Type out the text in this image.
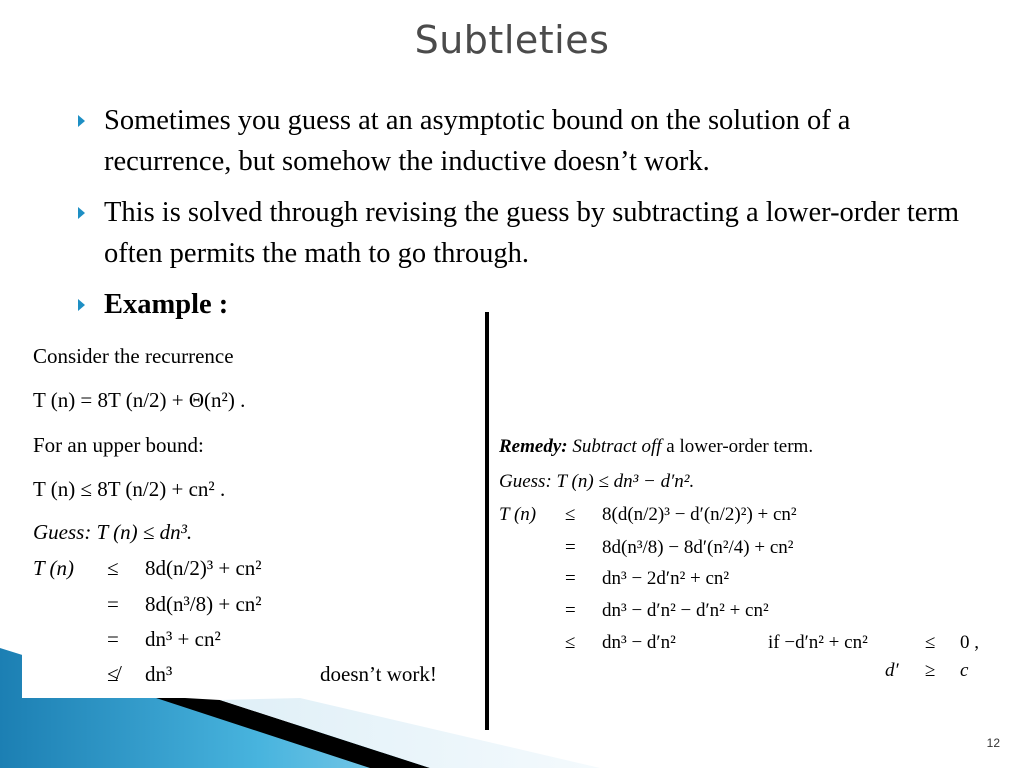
Subtleties
Sometimes you guess at an asymptotic bound on the solution of a recurrence, but somehow the inductive doesn’t work.
This is solved through revising the guess by subtracting a lower-order term often permits the math to go through.
Example :
Consider the recurrence
T (n) = 8T (n/2) + Θ(n²) .
For an upper bound:
T (n) ≤ 8T (n/2) + cn² .
Guess: T (n) ≤ dn³.
T (n) ≤ 8d(n/2)³ + cn²
= 8d(n³/8) + cn²
= dn³ + cn²
≰ dn³	doesn’t work!
Remedy: Subtract off a lower-order term.
Guess: T (n) ≤ dn³ − d′n².
T (n) ≤ 8(d(n/2)³ − d′(n/2)²) + cn²
= 8d(n³/8) − 8d′(n²/4) + cn²
= dn³ − 2d′n² + cn²
= dn³ − d′n² − d′n² + cn²
≤ dn³ − d′n²	if −d′n² + cn²	≤ 0 ,
d′ ≥ c
12
